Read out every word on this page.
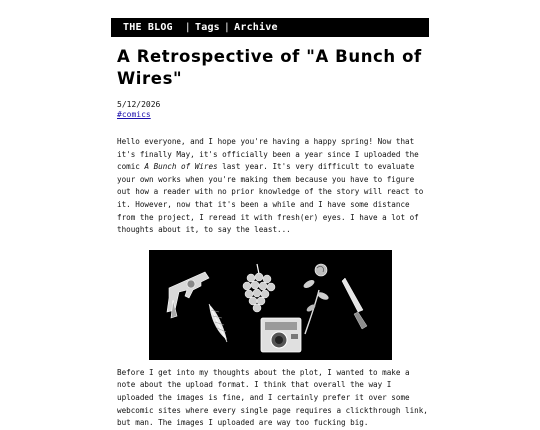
THE BLOG | Tags | Archive
A Retrospective of "A Bunch of Wires"
5/12/2026
#comics

Hello everyone, and I hope you're having a happy spring! Now that it's finally May, it's officially been a year since I uploaded the comic A Bunch of Wires last year. It's very difficult to evaluate your own works when you're making them because you have to figure out how a reader with no prior knowledge of the story will react to it. However, now that it's been a while and I have some distance from the project, I reread it with fresh(er) eyes. I have a lot of thoughts about it, to say the least...

Before I get into my thoughts about the plot, I wanted to make a note about the upload format. I think that overall the way I uploaded the images is fine, and I certainly prefer it over some webcomic sites where every single page requires a clickthrough link, but man. The images I uploaded are way too fucking big.
